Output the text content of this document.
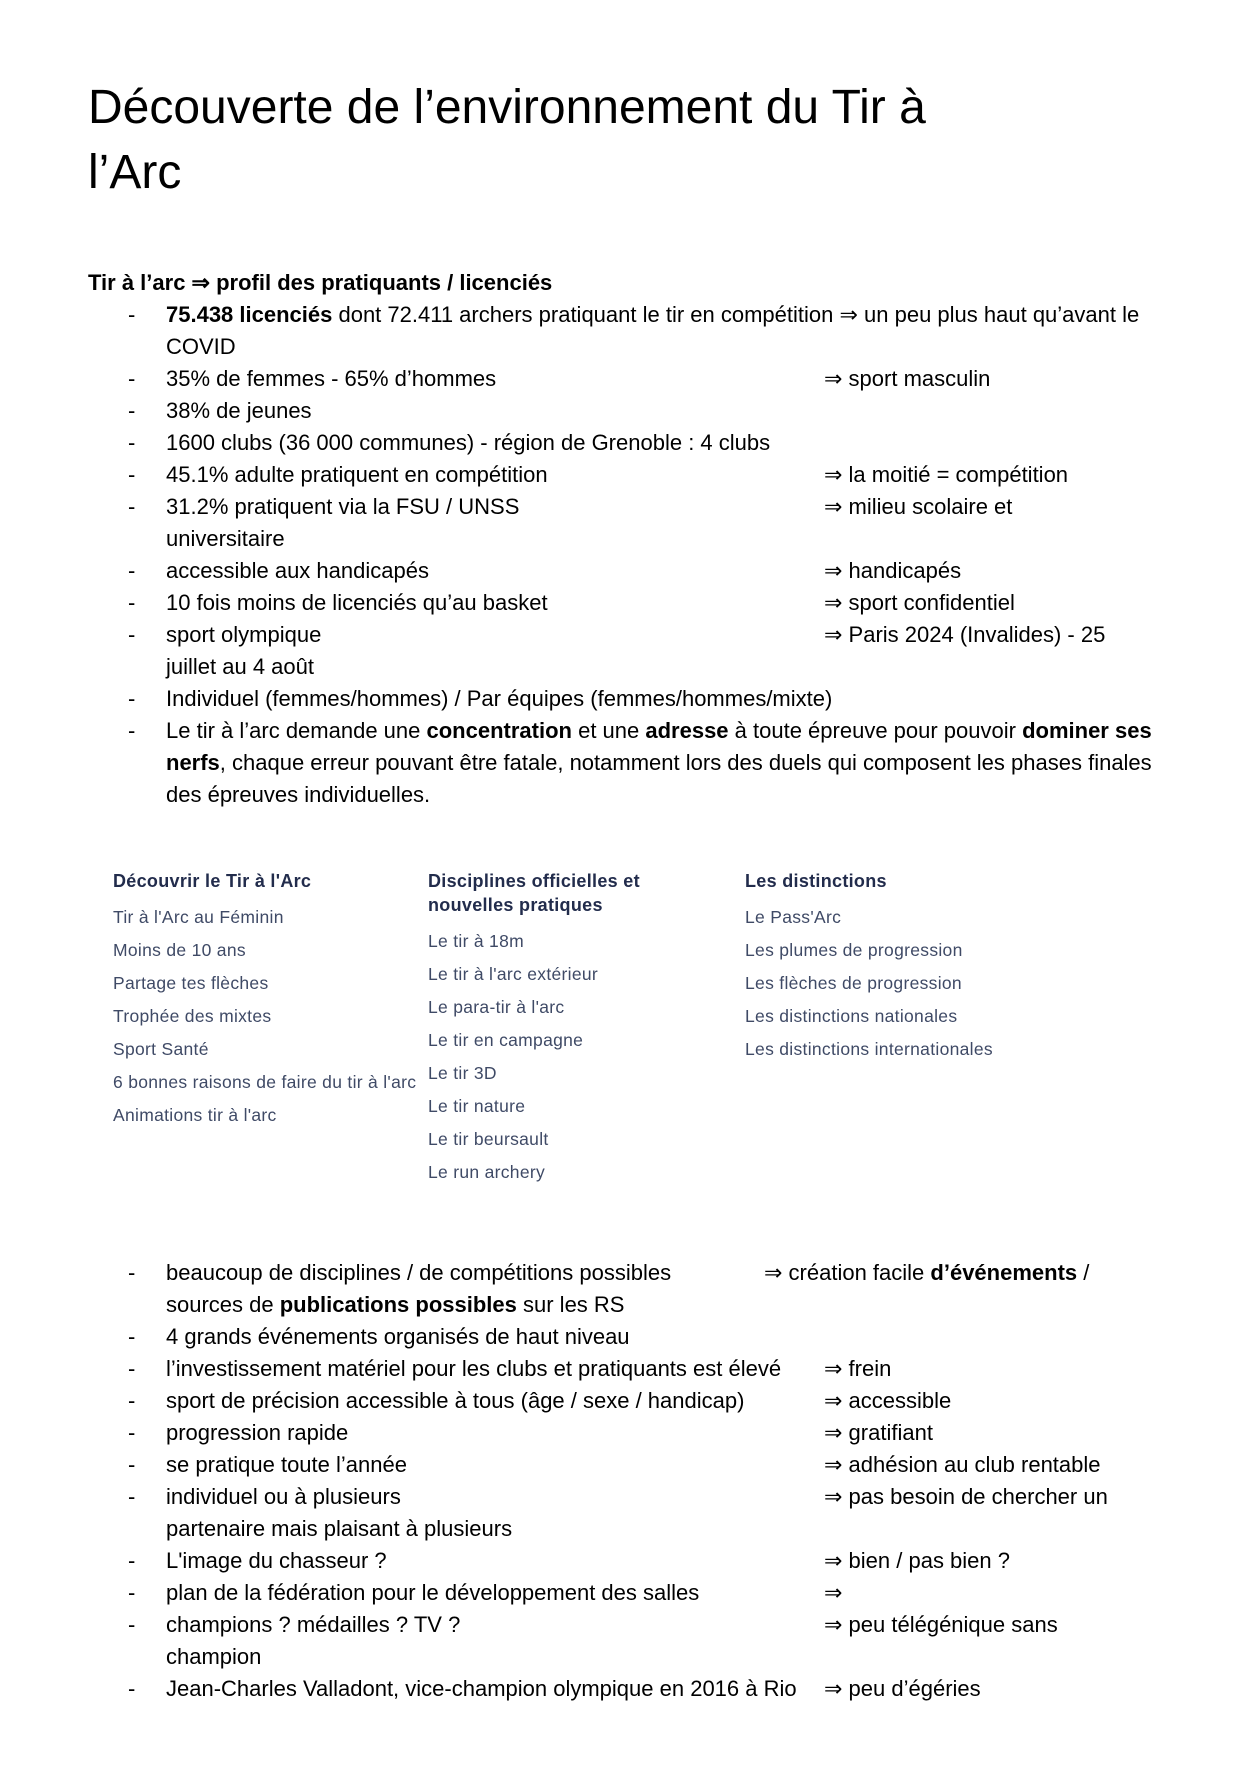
Découverte de l’environnement du Tir à l’Arc

Tir à l’arc ⇒ profil des pratiquants / licenciés

-	75.438 licenciés dont 72.411 archers pratiquant le tir en compétition ⇒ un peu plus haut qu’avant le COVID
-	35% de femmes - 65% d’hommes	⇒ sport masculin
-	38% de jeunes
-	1600 clubs (36 000 communes) - région de Grenoble : 4 clubs
-	45.1% adulte pratiquent en compétition	⇒ la moitié = compétition
-	31.2% pratiquent via la FSU / UNSS	⇒ milieu scolaire et
universitaire
-	accessible aux handicapés	⇒ handicapés
-	10 fois moins de licenciés qu’au basket	⇒ sport confidentiel
-	sport olympique	⇒ Paris 2024 (Invalides) - 25
juillet au 4 août
-	Individuel (femmes/hommes) / Par équipes (femmes/hommes/mixte)
-	Le tir à l’arc demande une concentration et une adresse à toute épreuve pour pouvoir dominer ses nerfs, chaque erreur pouvant être fatale, notamment lors des duels qui composent les phases finales des épreuves individuelles.
Découvrir le Tir à l'Arc
Tir à l'Arc au Féminin
Moins de 10 ans
Partage tes flèches
Trophée des mixtes
Sport Santé
6 bonnes raisons de faire du tir à l'arc
Animations tir à l'arc
Disciplines officielles et nouvelles pratiques
Le tir à 18m
Le tir à l'arc extérieur
Le para-tir à l'arc
Le tir en campagne
Le tir 3D
Le tir nature
Le tir beursault
Le run archery
Les distinctions
Le Pass'Arc
Les plumes de progression
Les flèches de progression
Les distinctions nationales
Les distinctions internationales
-	beaucoup de disciplines / de compétitions possibles	⇒ création facile d’événements /
sources de publications possibles sur les RS
-	4 grands événements organisés de haut niveau
-	l’investissement matériel pour les clubs et pratiquants est élevé	⇒ frein
-	sport de précision accessible à tous (âge / sexe / handicap)	⇒ accessible
-	progression rapide	⇒ gratifiant
-	se pratique toute l’année	⇒ adhésion au club rentable
-	individuel ou à plusieurs	⇒ pas besoin de chercher un
partenaire mais plaisant à plusieurs
-	L'image du chasseur ?	⇒ bien / pas bien ?
-	plan de la fédération pour le développement des salles	⇒
-	champions ? médailles ? TV ?	⇒ peu télégénique sans
champion
-	Jean-Charles Valladont, vice-champion olympique en 2016 à Rio	⇒ peu d’égéries
